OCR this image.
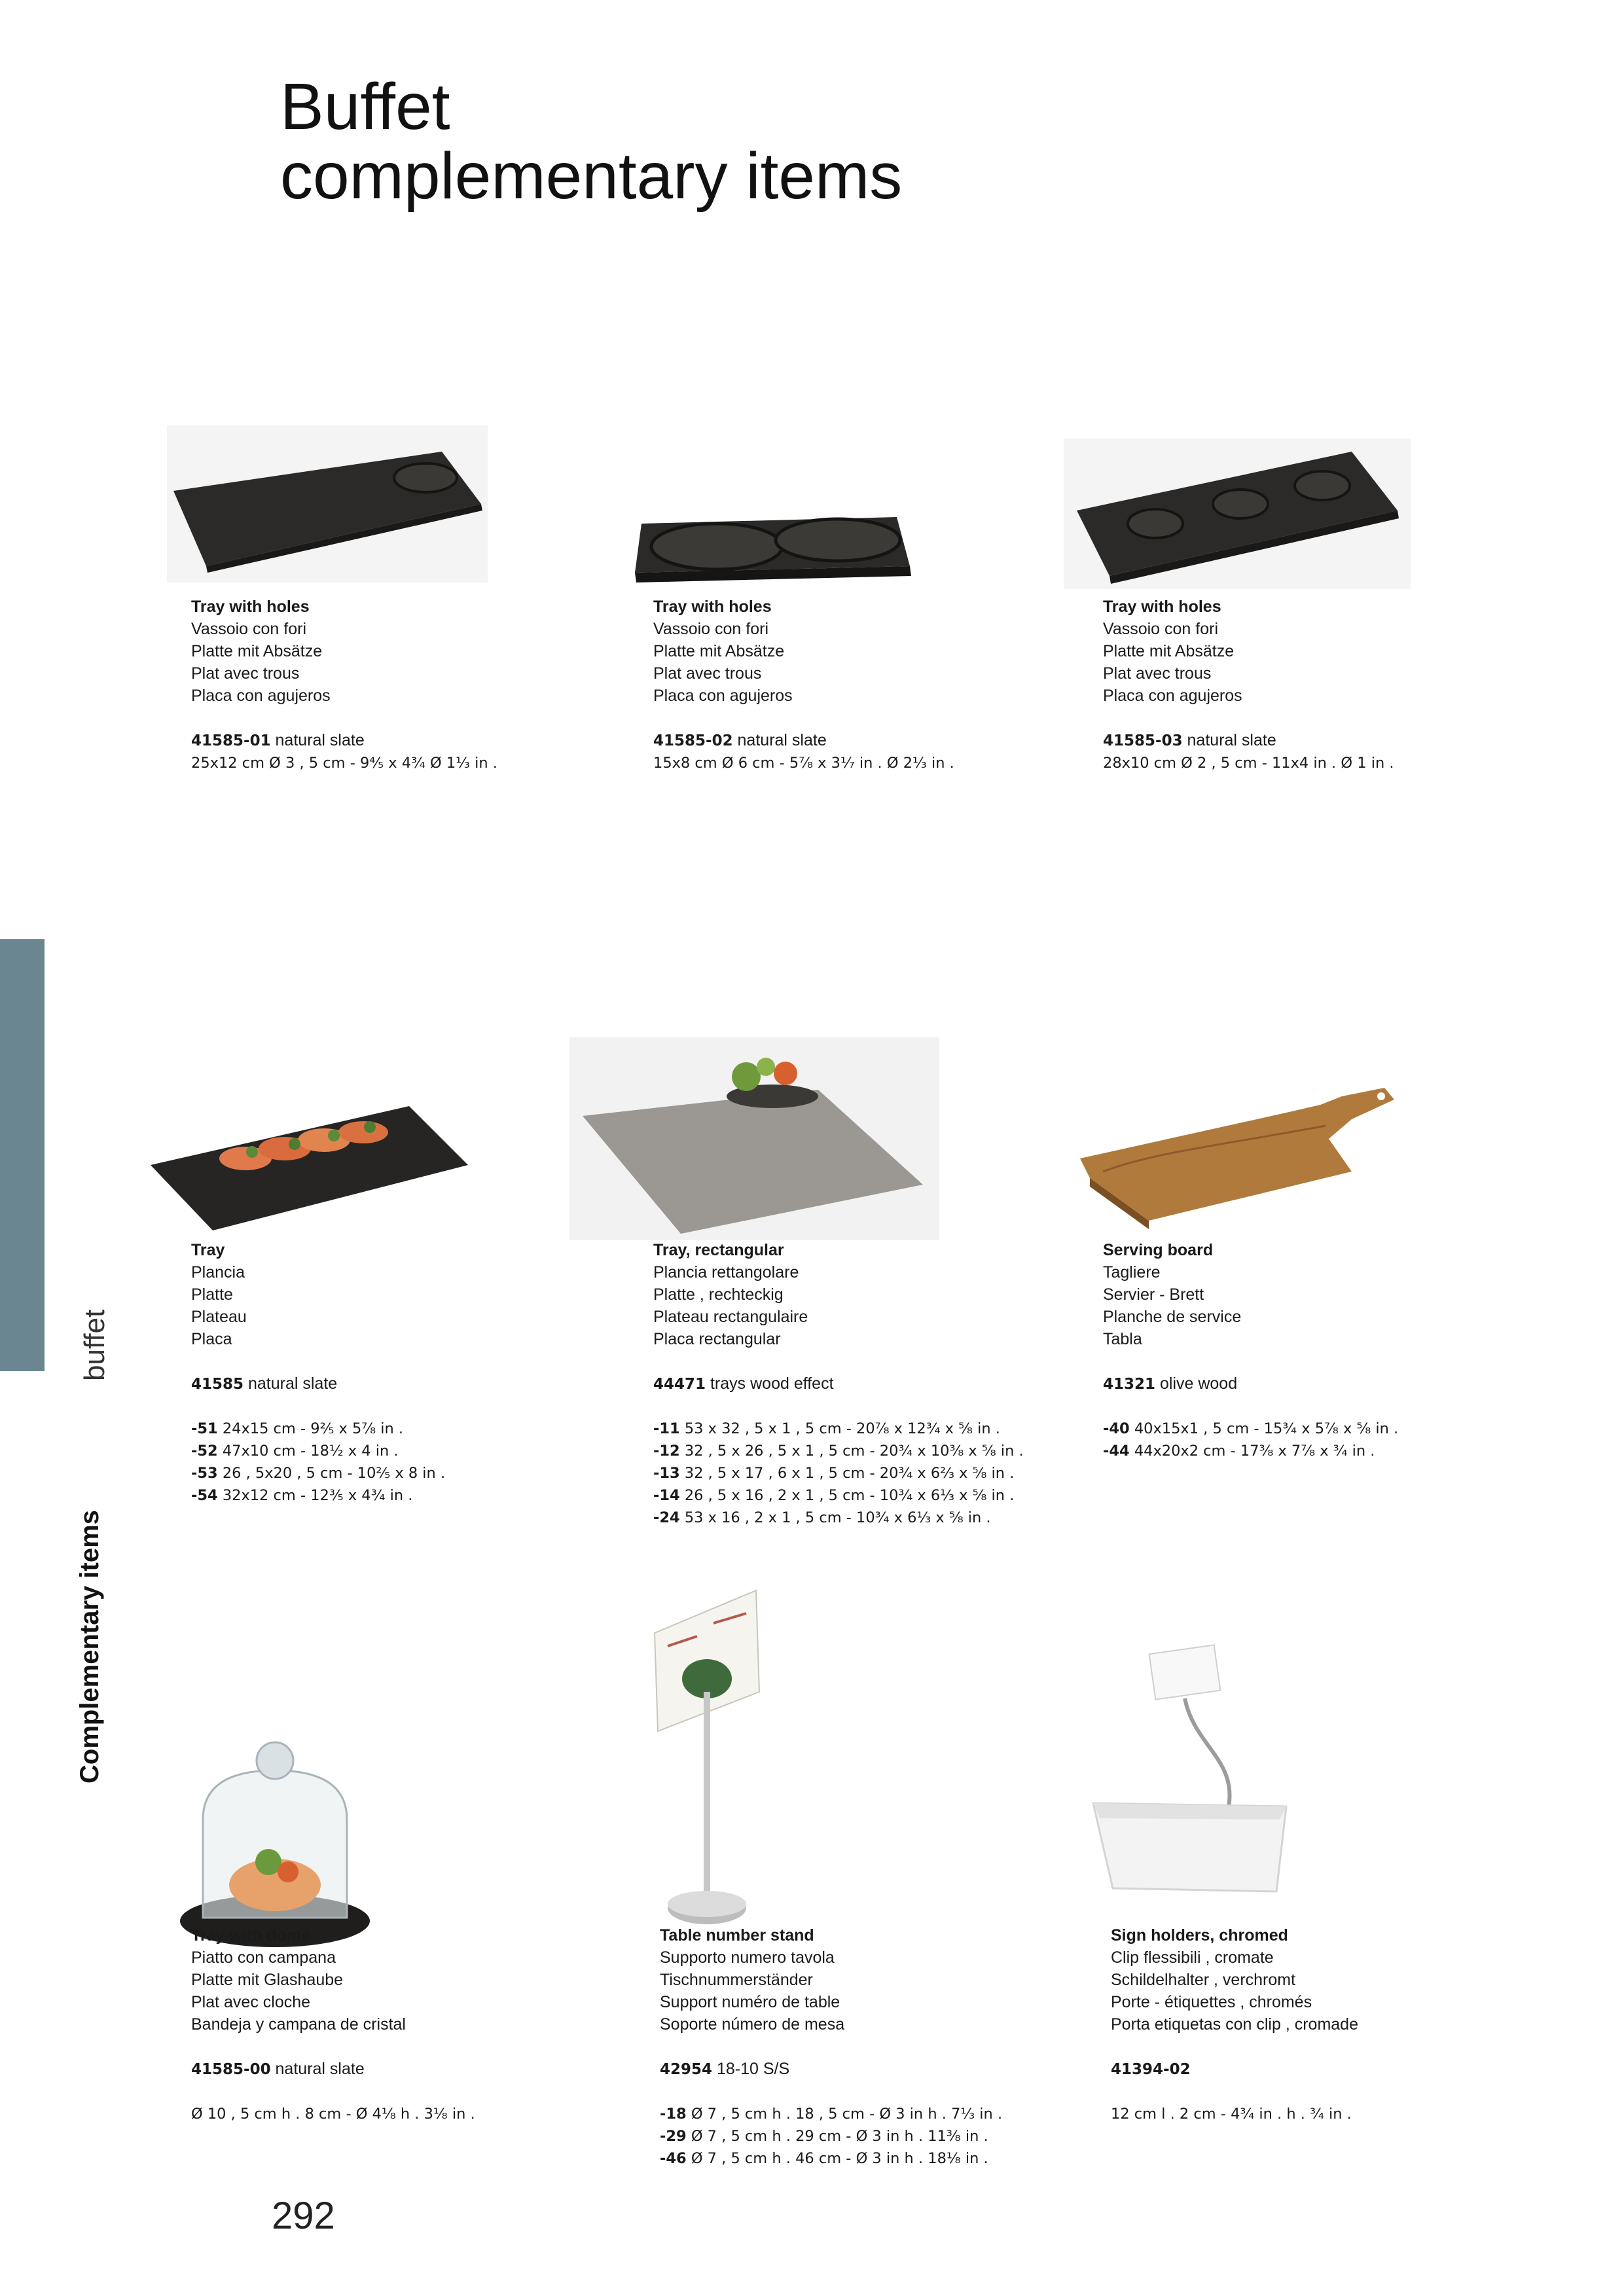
Buffet
complementary items
buffet
Complementary items
Tray with holes
Vassoio con fori
Platte mit Absätze
Plat avec trous
Placa con agujeros
41585-01 natural slate
25x12 cm Ø 3 , 5 cm - 9⁴⁄₅ x 4³⁄₄ Ø 1¹⁄₃ in .
Tray with holes
Vassoio con fori
Platte mit Absätze
Plat avec trous
Placa con agujeros
41585-02 natural slate
15x8 cm Ø 6 cm - 5⁷⁄₈ x 3¹⁄₇ in . Ø 2¹⁄₃ in .
Tray with holes
Vassoio con fori
Platte mit Absätze
Plat avec trous
Placa con agujeros
41585-03 natural slate
28x10 cm Ø 2 , 5 cm - 11x4 in . Ø 1 in .
Tray
Plancia
Platte
Plateau
Placa
41585 natural slate
-51 24x15 cm - 9²⁄₅ x 5⁷⁄₈ in .
-52 47x10 cm - 18¹⁄₂ x 4 in .
-53 26 , 5x20 , 5 cm - 10²⁄₅ x 8 in .
-54 32x12 cm - 12³⁄₅ x 4³⁄₄ in .
Tray, rectangular
Plancia rettangolare
Platte , rechteckig
Plateau rectangulaire
Placa rectangular
44471 trays wood effect
-11 53 x 32 , 5 x 1 , 5 cm - 20⁷⁄₈ x 12³⁄₄ x ⁵⁄₈ in .
-12 32 , 5 x 26 , 5 x 1 , 5 cm - 20³⁄₄ x 10³⁄₈ x ⁵⁄₈ in .
-13 32 , 5 x 17 , 6 x 1 , 5 cm - 20³⁄₄ x 6²⁄₃ x ⁵⁄₈ in .
-14 26 , 5 x 16 , 2 x 1 , 5 cm - 10³⁄₄ x 6¹⁄₃ x ⁵⁄₈ in .
-24 53 x 16 , 2 x 1 , 5 cm - 10³⁄₄ x 6¹⁄₃ x ⁵⁄₈ in .
Serving board
Tagliere
Servier - Brett
Planche de service
Tabla
41321 olive wood
-40 40x15x1 , 5 cm - 15³⁄₄ x 5⁷⁄₈ x ⁵⁄₈ in .
-44 44x20x2 cm - 17³⁄₈ x 7⁷⁄₈ x ³⁄₄ in .
Tray with dome
Piatto con campana
Platte mit Glashaube
Plat avec cloche
Bandeja y campana de cristal
41585-00 natural slate
Ø 10 , 5 cm h . 8 cm - Ø 4¹⁄₈ h . 3¹⁄₈ in .
Table number stand
Supporto numero tavola
Tischnummerständer
Support numéro de table
Soporte número de mesa
42954 18-10 S/S
-18 Ø 7 , 5 cm h . 18 , 5 cm - Ø 3 in h . 7¹⁄₃ in .
-29 Ø 7 , 5 cm h . 29 cm - Ø 3 in h . 11³⁄₈ in .
-46 Ø 7 , 5 cm h . 46 cm - Ø 3 in h . 18¹⁄₈ in .
Sign holders, chromed
Clip flessibili , cromate
Schildelhalter , verchromt
Porte - étiquettes , chromés
Porta etiquetas con clip , cromade
41394-02
12 cm l . 2 cm - 4³⁄₄ in . h . ³⁄₄ in .
292
